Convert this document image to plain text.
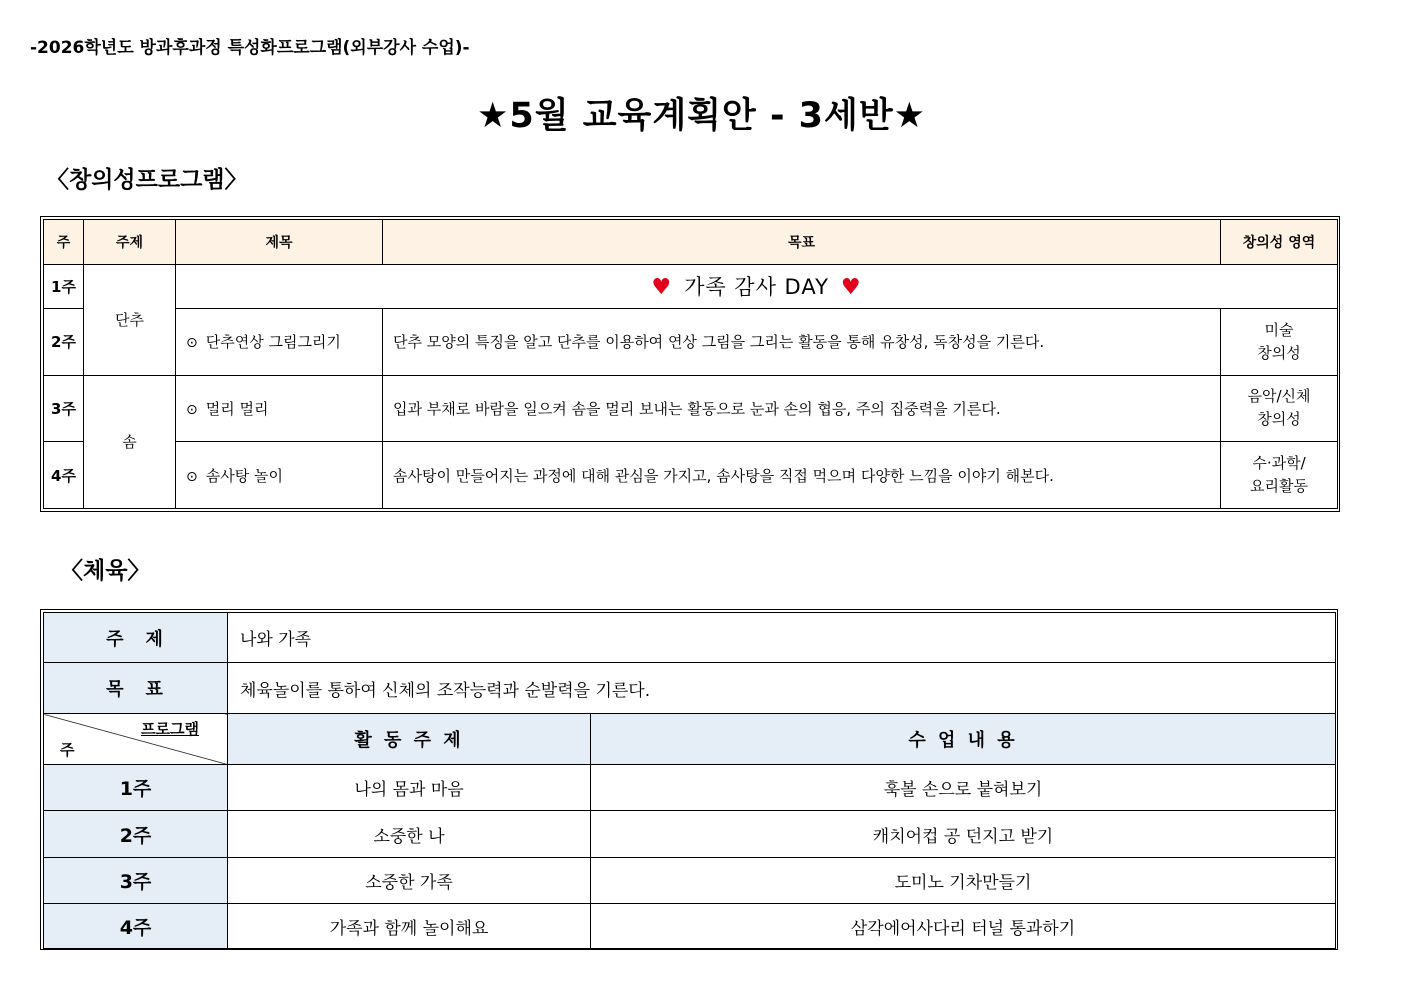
-2026학년도 방과후과정 특성화프로그램(외부강사 수업)-
★5월 교육계획안 - 3세반★
〈창의성프로그램〉
주	주제	제목	목표	창의성 영역
1주	단추	♥ 가족 감사 DAY ♥		
2주		⊙ 단추연상 그림그리기	단추 모양의 특징을 알고 단추를 이용하여 연상 그림을 그리는 활동을 통해 유창성, 독창성을 기른다.	미술
창의성

3주	솜	⊙ 멀리 멀리	입과 부채로 바람을 일으켜 솜을 멀리 보내는 활동으로 눈과 손의 협응, 주의 집중력을 기른다.	음악/신체
창의성

4주		⊙ 솜사탕 놀이	솜사탕이 만들어지는 과정에 대해 관심을 가지고, 솜사탕을 직접 먹으며 다양한 느낌을 이야기 해본다.	수·과학/
요리활동
〈체육〉
주　제	나와 가족	
목　표	체육놀이를 통하여 신체의 조작능력과 순발력을 기른다.	

프로그램
주	활 동 주 제	수 업 내 용
1주	나의 몸과 마음	훅볼 손으로 붙혀보기
2주	소중한 나	캐치어컵 공 던지고 받기
3주	소중한 가족	도미노 기차만들기
4주	가족과 함께 놀이해요	삼각에어사다리 터널 통과하기
